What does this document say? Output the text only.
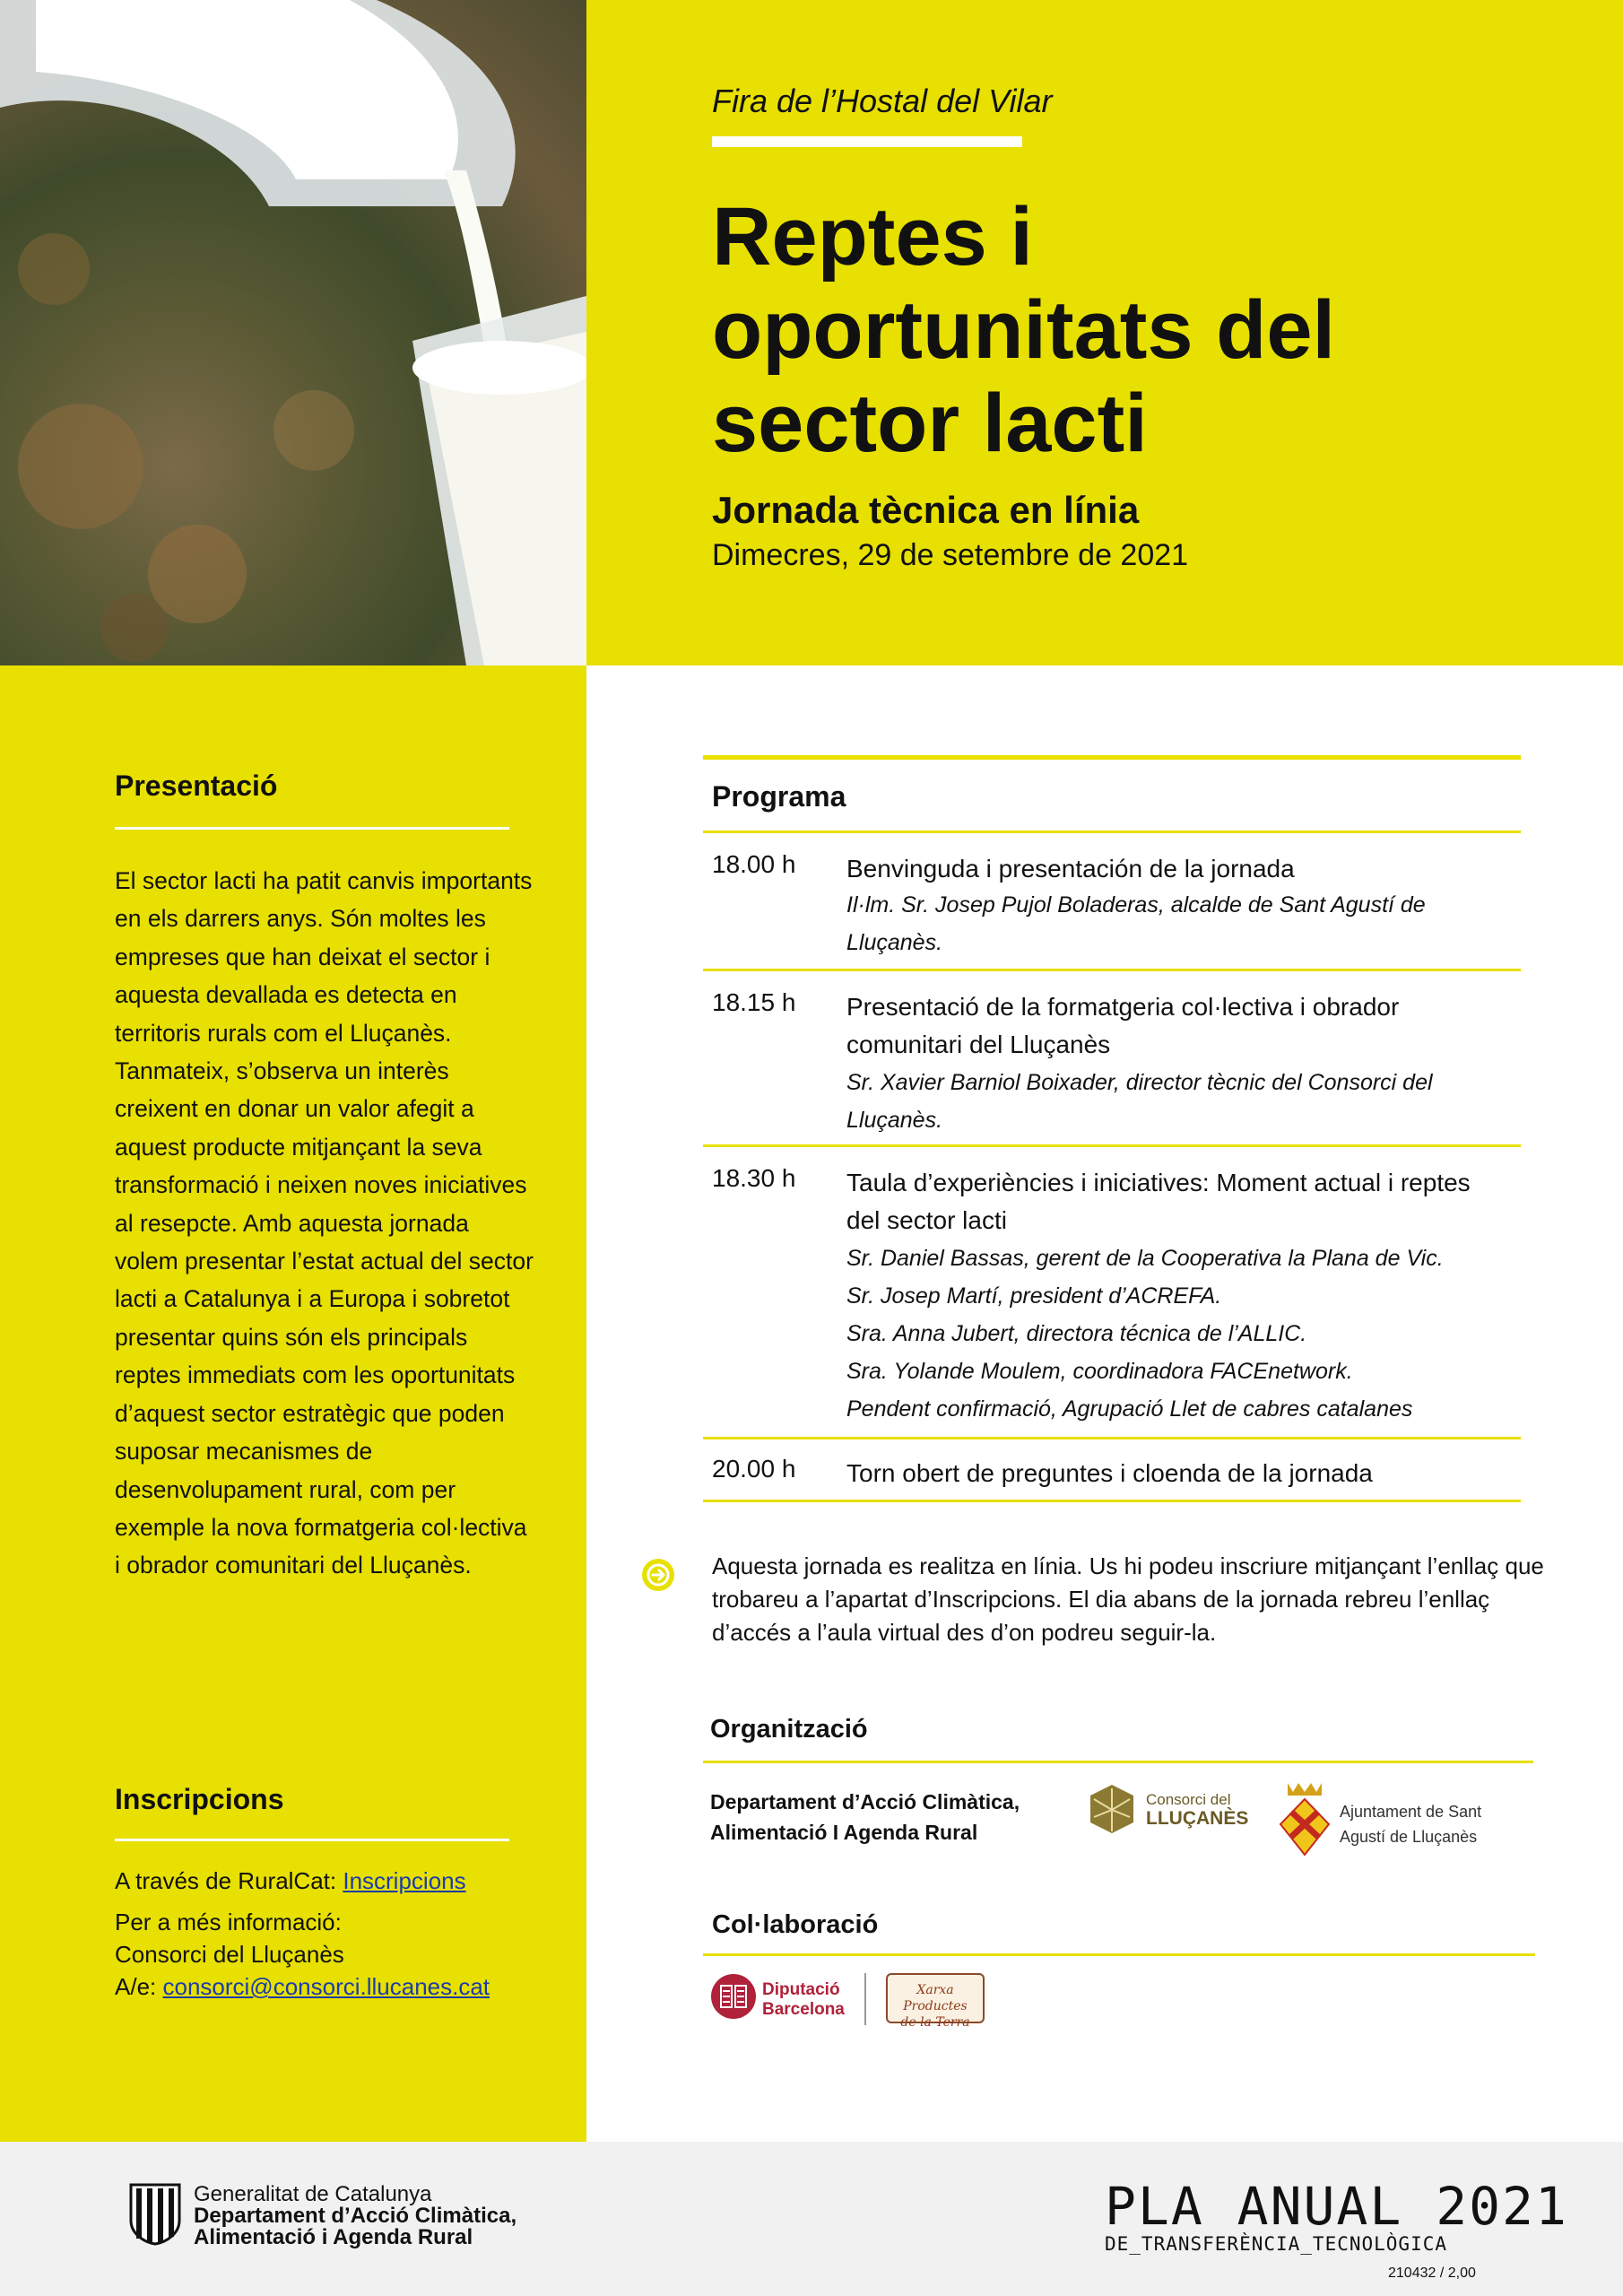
Fira de l’Hostal del Vilar
Reptes i oportunitats del sector lacti
Jornada tècnica en línia
Dimecres, 29 de setembre de 2021
Presentació
El sector lacti ha patit canvis importants en els darrers anys. Són moltes les empreses que han deixat el sector i aquesta devallada es detecta en territoris rurals com el Lluçanès. Tanmateix, s’observa un interès creixent en donar un valor afegit a aquest producte mitjançant la seva transformació i neixen noves iniciatives al resepcte. Amb aquesta jornada volem presentar l’estat actual del sector lacti a Catalunya i a Europa i sobretot presentar quins són els principals reptes immediats com les oportunitats d’aquest sector estratègic que poden suposar mecanismes de desenvolupament rural, com per exemple la nova formatgeria col·lectiva i obrador comunitari del Lluçanès.
Inscripcions
A través de RuralCat: Inscripcions
Per a més informació:
Consorci del Lluçanès
A/e: consorci@consorci.llucanes.cat
Programa
18.00 h Benvinguda i presentación de la jornada
Il·lm. Sr. Josep Pujol Boladeras, alcalde de Sant Agustí de Lluçanès.
18.15 h Presentació de la formatgeria col·lectiva i obrador comunitari del Lluçanès
Sr. Xavier Barniol Boixader, director tècnic del Consorci del Lluçanès.
18.30 h Taula d’experiències i iniciatives: Moment actual i reptes del sector lacti
Sr. Daniel Bassas, gerent de la Cooperativa la Plana de Vic.
Sr. Josep Martí, president d’ACREFA.
Sra. Anna Jubert, directora técnica de l’ALLIC.
Sra. Yolande Moulem, coordinadora FACEnetwork.
Pendent confirmació, Agrupació Llet de cabres catalanes
20.00 h Torn obert de preguntes i cloenda de la jornada
Aquesta jornada es realitza en línia. Us hi podeu inscriure mitjançant l’enllaç que trobareu a l’apartat d’Inscripcions. El dia abans de la jornada rebreu l’enllaç d’accés a l’aula virtual des d’on podreu seguir-la.
Organització
Departament d’Acció Climàtica,
Alimentació I Agenda Rural
Consorci del
LLUÇANÈS	Ajuntament de Sant
Agustí de Lluçanès
Col·laboració
Diputació
Barcelona
Xarxa Productes
de la Terra
Generalitat de Catalunya
Departament d’Acció Climàtica,
Alimentació i Agenda Rural
PLA ANUAL 2021
DE_TRANSFERÈNCIA_TECNOLÒGICA
210432 / 2,00
